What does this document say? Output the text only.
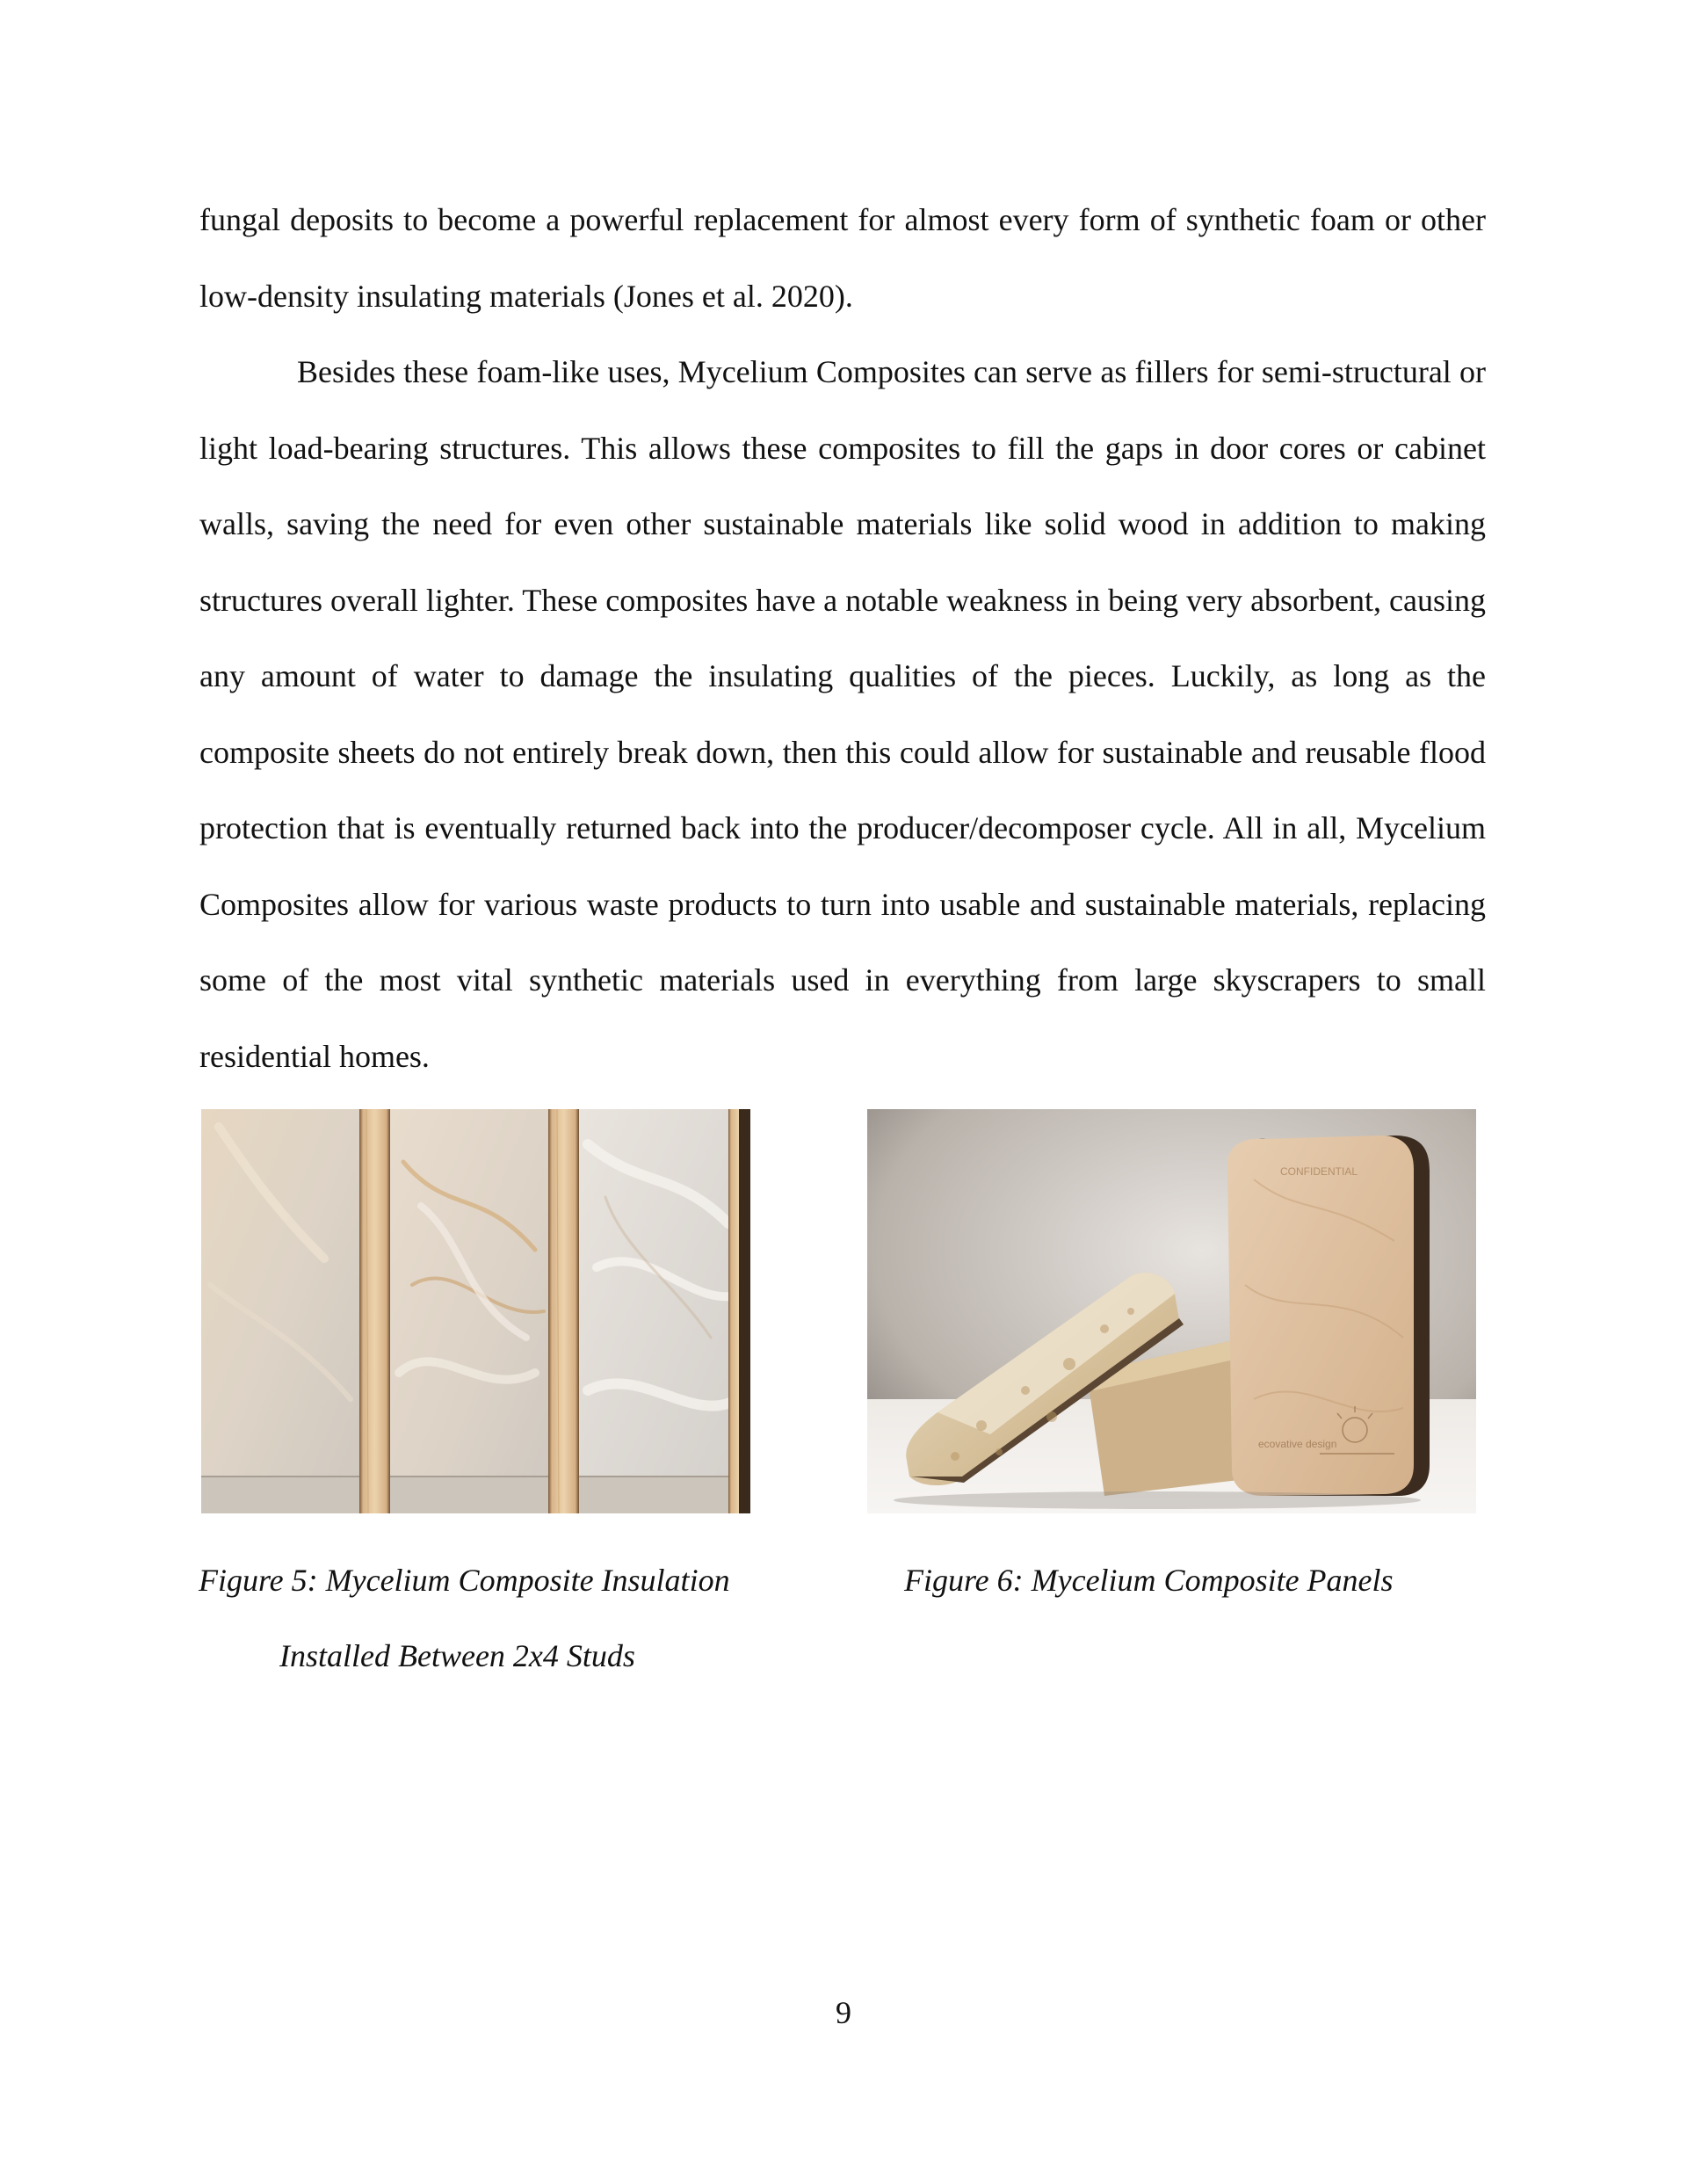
fungal deposits to become a powerful replacement for almost every form of synthetic foam or other low-density insulating materials (Jones et al. 2020).

Besides these foam-like uses, Mycelium Composites can serve as fillers for semi-structural or light load-bearing structures. This allows these composites to fill the gaps in door cores or cabinet walls, saving the need for even other sustainable materials like solid wood in addition to making structures overall lighter. These composites have a notable weakness in being very absorbent, causing any amount of water to damage the insulating qualities of the pieces. Luckily, as long as the composite sheets do not entirely break down, then this could allow for sustainable and reusable flood protection that is eventually returned back into the producer/decomposer cycle. All in all, Mycelium Composites allow for various waste products to turn into usable and sustainable materials, replacing some of the most vital synthetic materials used in everything from large skyscrapers to small residential homes.

CONFIDENTIAL
ecovative design

Figure 5: Mycelium Composite Insulation

Installed Between 2x4 Studs

Figure 6: Mycelium Composite Panels

9
